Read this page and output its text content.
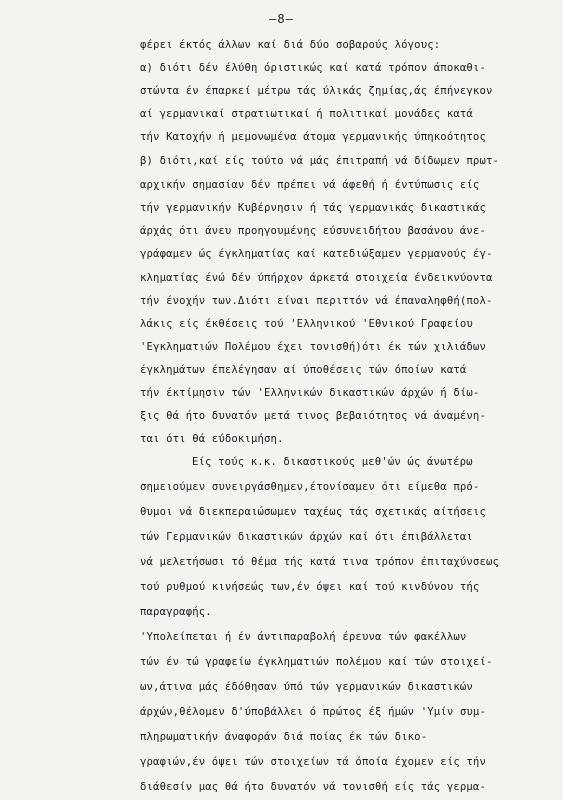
—8—
φέρει έκτός άλλων καί διά δύο σοβαρούς λόγους:
α) διότι δέν έλύθη όριστικώς καί κατά τρόπον άποκαθι-
στώντα έν έπαρκεί μέτρω τάς ύλικάς ζημίας,άς έπήνεγκον
αί γερμανικαί στρατιωτικαί ή πολιτικαί μονάδες κατά
τήν Κατοχήν ή μεμονωμένα άτομα γερμανικής ύπηκοότητος
β) διότι,καί είς τούτο νά μάς έπιτραπή νά δίδωμεν πρωτ-
αρχικήν σημασίαν δέν πρέπει νά άφεθή ή έντύπωσις είς
τήν γερμανικήν Κυβέρνησιν ή τάς γερμανικάς δικαστικάς
άρχάς ότι άνευ προηγουμένης εύσυνειδήτου βασάνου άνε-
γράφαμεν ώς έγκληματίας καί κατεδιώξαμεν γερμανούς έγ-
κληματίας ένώ δέν ύπήρχον άρκετά στοιχεία ένδεικνύοντα
τήν ένοχήν των.Διότι είναι περιττόν νά έπαναληφθή(πολ-
λάκις είς έκθέσεις τού 'Ελληνικού 'Εθνικού Γραφείου
'Εγκληματιών Πολέμου έχει τονισθή)ότι έκ τών χιλιάδων
έγκλημάτων έπελέγησαν αί ύποθέσεις τών όποίων κατά
τήν έκτίμησιν τών 'Ελληνικών δικαστικών άρχών ή δίω-
ξις θά ήτο δυνατόν μετά τινος βεβαιότητος νά άναμένη-
ται ότι θά εύδοκιμήση.
Είς τούς κ.κ. δικαστικούς μεθ'ών ώς άνωτέρω
σημειούμεν συνειργάσθημεν,έτονίσαμεν ότι είμεθα πρό-
θυμοι νά διεκπεραιώσωμεν ταχέως τάς σχετικάς αίτήσεις
τών Γερμανικών δικαστικών άρχών καί ότι έπιβάλλεται
νά μελετήσωσι τό θέμα τής κατά τινα τρόπον έπιταχύνσεως
τού ρυθμού κινήσεώς των,έν όψει καί τού κινδύνου τής
παραγραφής.
'Υπολείπεται ή έν άντιπαραβολή έρευνα τών φακέλλων
τών έν τώ γραφείω έγκληματιών πολέμου καί τών στοιχεί-
ων,άτινα μάς έδόθησαν ύπό τών γερμανικών δικαστικών
άρχών,θέλομεν δ'ύποβάλλει ό πρώτος έξ ήμών 'Υμίν συμ-
πληρωματικήν άναφοράν διά ποίας έκ τών δικο-
γραφιών,έν όψει τών στοιχείων τά όποία έχομεν είς τήν
διάθεσίν μας θά ήτο δυνατόν νά τονισθή είς τάς γερμα-
